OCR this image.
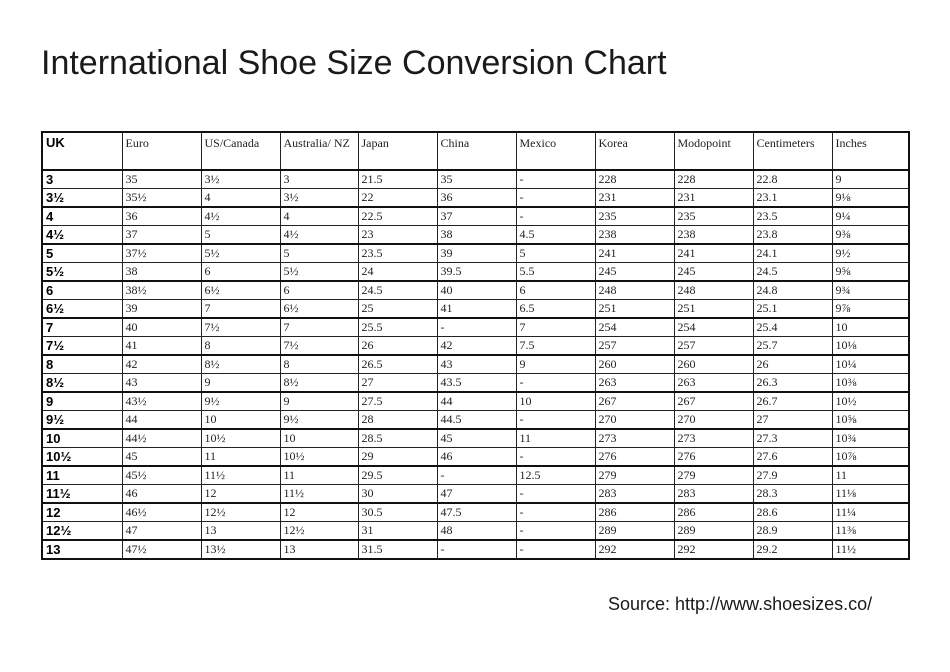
International Shoe Size Conversion Chart
UK	Euro	US/Canada	Australia/ NZ	Japan	China	Mexico	Korea	Modopoint	Centimeters	Inches
3	35	3½	3	21.5	35	-	228	228	22.8	9
3½	35½	4	3½	22	36	-	231	231	23.1	9⅛
4	36	4½	4	22.5	37	-	235	235	23.5	9¼
4½	37	5	4½	23	38	4.5	238	238	23.8	9⅜
5	37½	5½	5	23.5	39	5	241	241	24.1	9½
5½	38	6	5½	24	39.5	5.5	245	245	24.5	9⅝
6	38½	6½	6	24.5	40	6	248	248	24.8	9¾
6½	39	7	6½	25	41	6.5	251	251	25.1	9⅞
7	40	7½	7	25.5	-	7	254	254	25.4	10
7½	41	8	7½	26	42	7.5	257	257	25.7	10⅛
8	42	8½	8	26.5	43	9	260	260	26	10¼
8½	43	9	8½	27	43.5	-	263	263	26.3	10⅜
9	43½	9½	9	27.5	44	10	267	267	26.7	10½
9½	44	10	9½	28	44.5	-	270	270	27	10⅝
10	44½	10½	10	28.5	45	11	273	273	27.3	10¾
10½	45	11	10½	29	46	-	276	276	27.6	10⅞
11	45½	11½	11	29.5	-	12.5	279	279	27.9	11
11½	46	12	11½	30	47	-	283	283	28.3	11⅛
12	46½	12½	12	30.5	47.5	-	286	286	28.6	11¼
12½	47	13	12½	31	48	-	289	289	28.9	11⅜
13	47½	13½	13	31.5	-	-	292	292	29.2	11½
Source: http://www.shoesizes.co/
